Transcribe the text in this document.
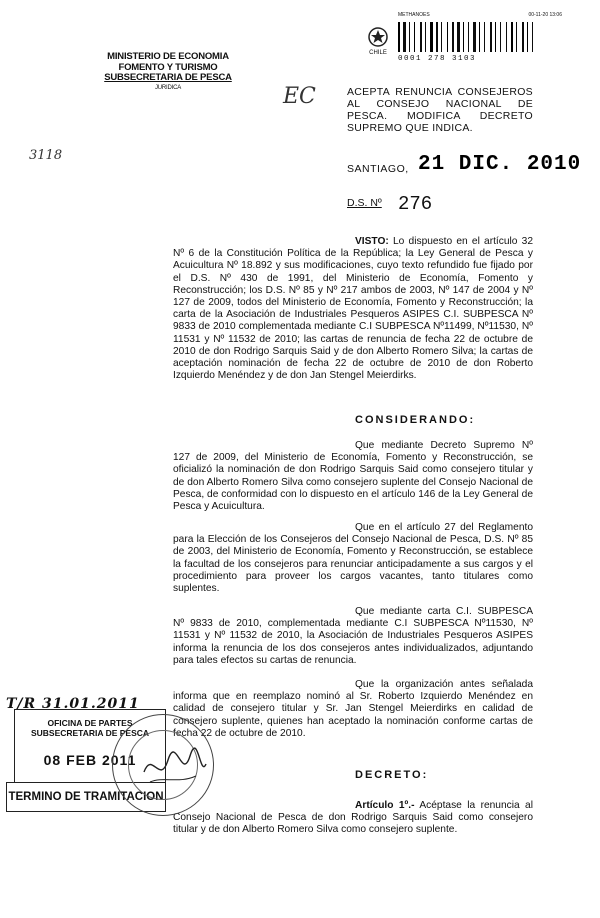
MINISTERIO DE ECONOMIA
FOMENTO Y TURISMO
SUBSECRETARIA DE PESCA
JURIDICA
METHANOES	00-11-20 13:06
CHILE
0001 278 3103
EC
3118
ACEPTA RENUNCIA CONSEJEROS AL CONSEJO NACIONAL DE PESCA. MODIFICA DECRETO SUPREMO QUE INDICA.
SANTIAGO, 21 DIC. 2010
D.S. Nº 276
VISTO: Lo dispuesto en el artículo 32 Nº 6 de la Constitución Política de la República; la Ley General de Pesca y Acuicultura Nº 18.892 y sus modificaciones, cuyo texto refundido fue fijado por el D.S. Nº 430 de 1991, del Ministerio de Economía, Fomento y Reconstrucción; los D.S. Nº 85 y Nº 217 ambos de 2003, Nº 147 de 2004 y Nº 127 de 2009, todos del Ministerio de Economía, Fomento y Reconstrucción; la carta de la Asociación de Industriales Pesqueros ASIPES C.I. SUBPESCA Nº 9833 de 2010 complementada mediante C.I SUBPESCA Nº11499, Nº11530, Nº 11531 y Nº 11532 de 2010; las cartas de renuncia de fecha 22 de octubre de 2010 de don Rodrigo Sarquis Said y de don Alberto Romero Silva; la cartas de aceptación nominación de fecha 22 de octubre de 2010 de don Roberto Izquierdo Menéndez y de don Jan Stengel Meierdirks.
CONSIDERANDO:
Que mediante Decreto Supremo Nº 127 de 2009, del Ministerio de Economía, Fomento y Reconstrucción, se oficializó la nominación de don Rodrigo Sarquis Said como consejero titular y de don Alberto Romero Silva como consejero suplente del Consejo Nacional de Pesca, de conformidad con lo dispuesto en el artículo 146 de la Ley General de Pesca y Acuicultura.
Que en el artículo 27 del Reglamento para la Elección de los Consejeros del Consejo Nacional de Pesca, D.S. Nº 85 de 2003, del Ministerio de Economía, Fomento y Reconstrucción, se establece la facultad de los consejeros para renunciar anticipadamente a sus cargos y el procedimiento para proveer los cargos vacantes, tanto titulares como suplentes.
Que mediante carta C.I. SUBPESCA Nº 9833 de 2010, complementada mediante C.I SUBPESCA Nº11530, Nº 11531 y Nº 11532 de 2010, la Asociación de Industriales Pesqueros ASIPES informa la renuncia de los dos consejeros antes individualizados, adjuntando para tales efectos su cartas de renuncia.
Que la organización antes señalada informa que en reemplazo nominó al Sr. Roberto Izquierdo Menéndez en calidad de consejero titular y Sr. Jan Stengel Meierdirks en calidad de consejero suplente, quienes han aceptado la nominación conforme cartas de fecha 22 de octubre de 2010.
DECRETO:
Artículo 1º.- Acéptase la renuncia al Consejo Nacional de Pesca de don Rodrigo Sarquis Said como consejero titular y de don Alberto Romero Silva como consejero suplente.
T/R 31.01.2011
OFICINA DE PARTES
SUBSECRETARIA DE PESCA
08 FEB 2011
TERMINO DE TRAMITACION
